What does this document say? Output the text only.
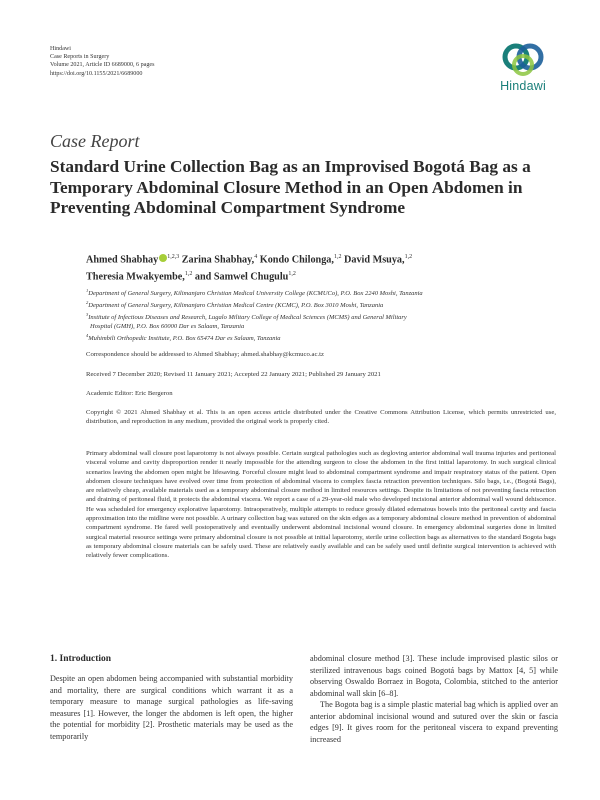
Hindawi
Case Reports in Surgery
Volume 2021, Article ID 6689000, 6 pages
https://doi.org/10.1155/2021/6689000
Hindawi
Case Report
Standard Urine Collection Bag as an Improvised Bogotá Bag as a Temporary Abdominal Closure Method in an Open Abdomen in Preventing Abdominal Compartment Syndrome
Ahmed Shabhay $^{1,2,3}$ Zarina Shabhay,$^4$ Kondo Chilonga,$^{1,2}$ David Msuya,$^{1,2}$
Theresia Mwakyembe,$^{1,2}$ and Samwel Chugulu$^{1,2}$

$^1$Department of General Surgery, Kilimanjaro Christian Medical University College (KCMUCo), P.O. Box 2240 Moshi, Tanzania

$^2$Department of General Surgery, Kilimanjaro Christian Medical Centre (KCMC), P.O. Box 3010 Moshi, Tanzania

$^3$Institute of Infectious Diseases and Research, Lugalo Military College of Medical Sciences (MCMS) and General Military

Hospital (GMH), P.O. Box 60000 Dar es Salaam, Tanzania

$^4$Muhimbili Orthopedic Institute, P.O. Box 65474 Dar es Salaam, Tanzania

Correspondence should be addressed to Ahmed Shabhay; ahmed.shabhay@kcmuco.ac.tz
Received 7 December 2020; Revised 11 January 2021; Accepted 22 January 2021; Published 29 January 2021
Academic Editor: Eric Bergeron
Copyright © 2021 Ahmed Shabhay et al. This is an open access article distributed under the Creative Commons Attribution License, which permits unrestricted use, distribution, and reproduction in any medium, provided the original work is properly cited.
Primary abdominal wall closure post laparotomy is not always possible. Certain surgical pathologies such as degloving anterior abdominal wall trauma injuries and peritoneal visceral volume and cavity disproportion render it nearly impossible for the attending surgeon to close the abdomen in the first initial laparotomy. In such surgical clinical scenarios leaving the abdomen open might be lifesaving. Forceful closure might lead to abdominal compartment syndrome and impair respiratory status of the patient. Open abdomen closure techniques have evolved over time from protection of abdominal viscera to complex fascia retraction prevention techniques. Silo bags, i.e., (Bogotá Bags), are relatively cheap, available materials used as a temporary abdominal closure method in limited resources settings. Despite its limitations of not preventing fascia retraction and draining of peritoneal fluid, it protects the abdominal viscera. We report a case of a 29-year-old male who developed incisional anterior abdominal wall wound dehiscence. He was scheduled for emergency explorative laparotomy. Intraoperatively, multiple attempts to reduce grossly dilated edematous bowels into the peritoneal cavity and fascia approximation into the midline were not possible. A urinary collection bag was sutured on the skin edges as a temporary abdominal closure method in prevention of abdominal compartment syndrome. He fared well postoperatively and eventually underwent abdominal incisional wound closure. In emergency abdominal surgeries done in limited surgical material resource settings were primary abdominal closure is not possible at initial laparotomy, sterile urine collection bags as alternatives to the standard Bogota bags as temporary abdominal closure materials can be safely used. These are relatively easily available and can be safely used until definite surgical intervention is achieved with relatively fewer complications.
1. Introduction

Despite an open abdomen being accompanied with substantial morbidity and mortality, there are surgical conditions which warrant it as a temporary measure to manage surgical pathologies as life-saving measures [1]. However, the longer the abdomen is left open, the higher the potential for morbidity [2]. Prosthetic materials may be used as the temporarily

abdominal closure method [3]. These include improvised plastic silos or sterilized intravenous bags coined Bogotá bags by Mattox [4, 5] while observing Oswaldo Borraez in Bogota, Colombia, stitched to the anterior abdominal wall skin [6–8].

The Bogota bag is a simple plastic material bag which is applied over an anterior abdominal incisional wound and sutured over the skin or fascia edges [9]. It gives room for the peritoneal viscera to expand preventing increased
